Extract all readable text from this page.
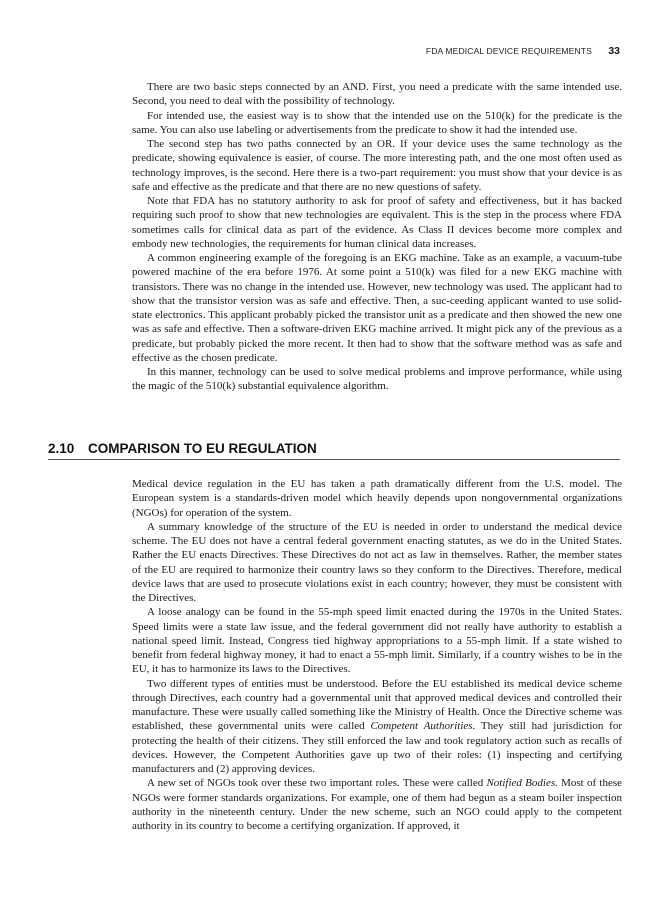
FDA MEDICAL DEVICE REQUIREMENTS 33

There are two basic steps connected by an AND. First, you need a predicate with the same intended use. Second, you need to deal with the possibility of technology.

For intended use, the easiest way is to show that the intended use on the 510(k) for the predicate is the same. You can also use labeling or advertisements from the predicate to show it had the intended use.

The second step has two paths connected by an OR. If your device uses the same technology as the predicate, showing equivalence is easier, of course. The more interesting path, and the one most often used as technology improves, is the second. Here there is a two-part requirement: you must show that your device is as safe and effective as the predicate and that there are no new questions of safety.

Note that FDA has no statutory authority to ask for proof of safety and effectiveness, but it has backed requiring such proof to show that new technologies are equivalent. This is the step in the process where FDA sometimes calls for clinical data as part of the evidence. As Class II devices become more complex and embody new technologies, the requirements for human clinical data increases.

A common engineering example of the foregoing is an EKG machine. Take as an example, a vacuum-tube powered machine of the era before 1976. At some point a 510(k) was filed for a new EKG machine with transistors. There was no change in the intended use. However, new technology was used. The applicant had to show that the transistor version was as safe and effective. Then, a suc-ceeding applicant wanted to use solid-state electronics. This applicant probably picked the transistor unit as a predicate and then showed the new one was as safe and effective. Then a software-driven EKG machine arrived. It might pick any of the previous as a predicate, but probably picked the more recent. It then had to show that the software method was as safe and effective as the chosen predicate.

In this manner, technology can be used to solve medical problems and improve performance, while using the magic of the 510(k) substantial equivalence algorithm.

2.10 COMPARISON TO EU REGULATION

Medical device regulation in the EU has taken a path dramatically different from the U.S. model. The European system is a standards-driven model which heavily depends upon nongovernmental organizations (NGOs) for operation of the system.

A summary knowledge of the structure of the EU is needed in order to understand the medical device scheme. The EU does not have a central federal government enacting statutes, as we do in the United States. Rather the EU enacts Directives. These Directives do not act as law in themselves. Rather, the member states of the EU are required to harmonize their country laws so they conform to the Directives. Therefore, medical device laws that are used to prosecute violations exist in each country; however, they must be consistent with the Directives.

A loose analogy can be found in the 55-mph speed limit enacted during the 1970s in the United States. Speed limits were a state law issue, and the federal government did not really have authority to establish a national speed limit. Instead, Congress tied highway appropriations to a 55-mph limit. If a state wished to benefit from federal highway money, it had to enact a 55-mph limit. Similarly, if a country wishes to be in the EU, it has to harmonize its laws to the Directives.

Two different types of entities must be understood. Before the EU established its medical device scheme through Directives, each country had a governmental unit that approved medical devices and controlled their manufacture. These were usually called something like the Ministry of Health. Once the Directive scheme was established, these governmental units were called Competent Authorities. They still had jurisdiction for protecting the health of their citizens. They still enforced the law and took regulatory action such as recalls of devices. However, the Competent Authorities gave up two of their roles: (1) inspecting and certifying manufacturers and (2) approving devices.

A new set of NGOs took over these two important roles. These were called Notified Bodies. Most of these NGOs were former standards organizations. For example, one of them had begun as a steam boiler inspection authority in the nineteenth century. Under the new scheme, such an NGO could apply to the competent authority in its country to become a certifying organization. If approved, it
